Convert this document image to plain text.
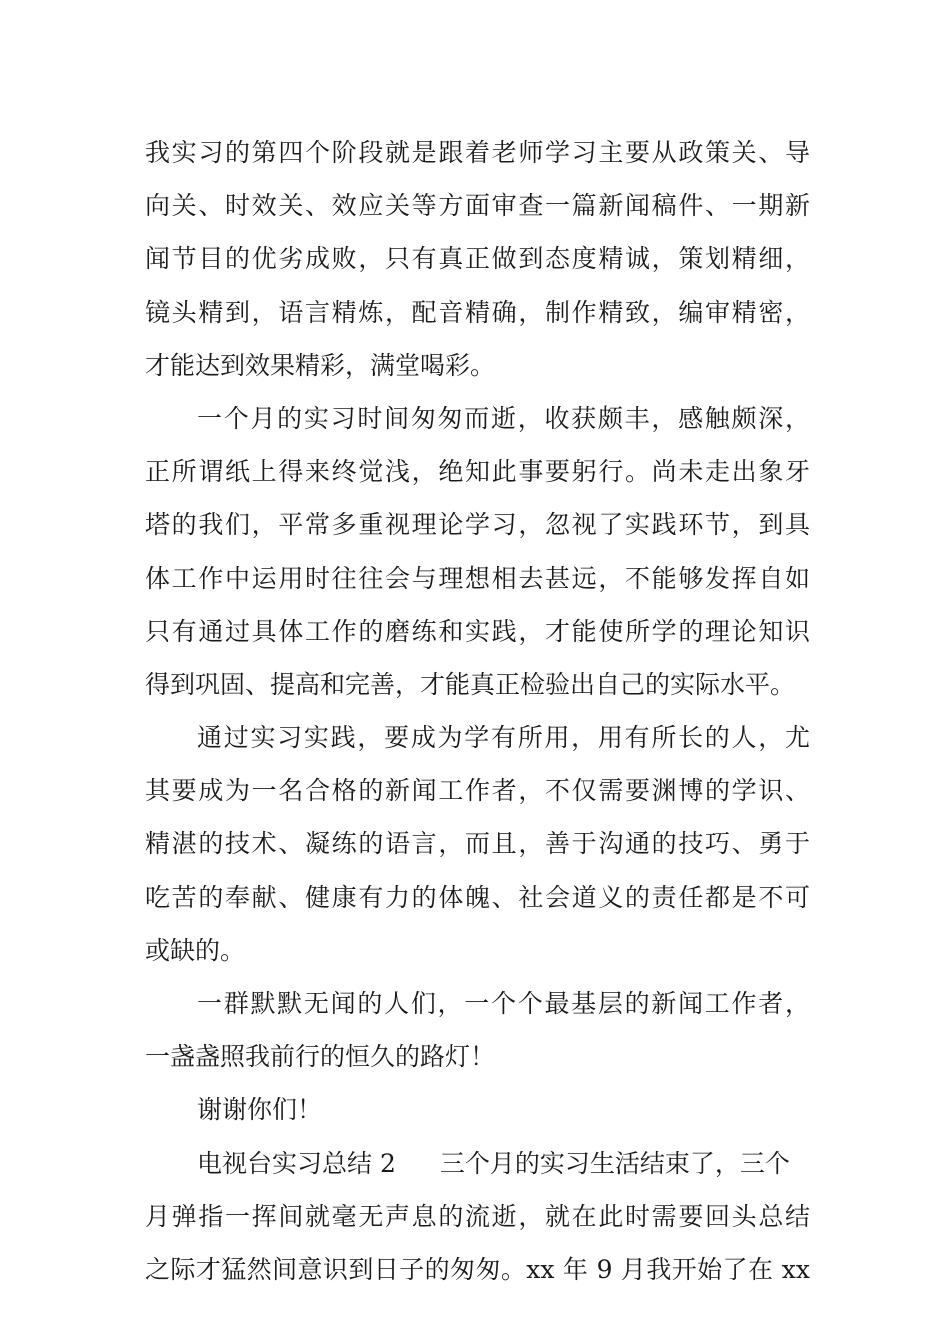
我实习的第四个阶段就是跟着老师学习主要从政策关、导
向关、时效关、效应关等方面审查一篇新闻稿件、一期新
闻节目的优劣成败，只有真正做到态度精诚，策划精细，
镜头精到，语言精炼，配音精确，制作精致，编审精密，
才能达到效果精彩，满堂喝彩。
一个月的实习时间匆匆而逝，收获颇丰，感触颇深，
正所谓纸上得来终觉浅，绝知此事要躬行。尚未走出象牙
塔的我们，平常多重视理论学习，忽视了实践环节，到具
体工作中运用时往往会与理想相去甚远，不能够发挥自如
只有通过具体工作的磨练和实践，才能使所学的理论知识
得到巩固、提高和完善，才能真正检验出自己的实际水平。
通过实习实践，要成为学有所用，用有所长的人，尤
其要成为一名合格的新闻工作者，不仅需要渊博的学识、
精湛的技术、凝练的语言，而且，善于沟通的技巧、勇于
吃苦的奉献、健康有力的体魄、社会道义的责任都是不可
或缺的。
一群默默无闻的人们，一个个最基层的新闻工作者，
一盏盏照我前行的恒久的路灯！
谢谢你们！
电视台实习总结 2 三个月的实习生活结束了，三个
月弹指一挥间就毫无声息的流逝，就在此时需要回头总结
之际才猛然间意识到日子的匆匆。xx 年 9 月我开始了在 xx
